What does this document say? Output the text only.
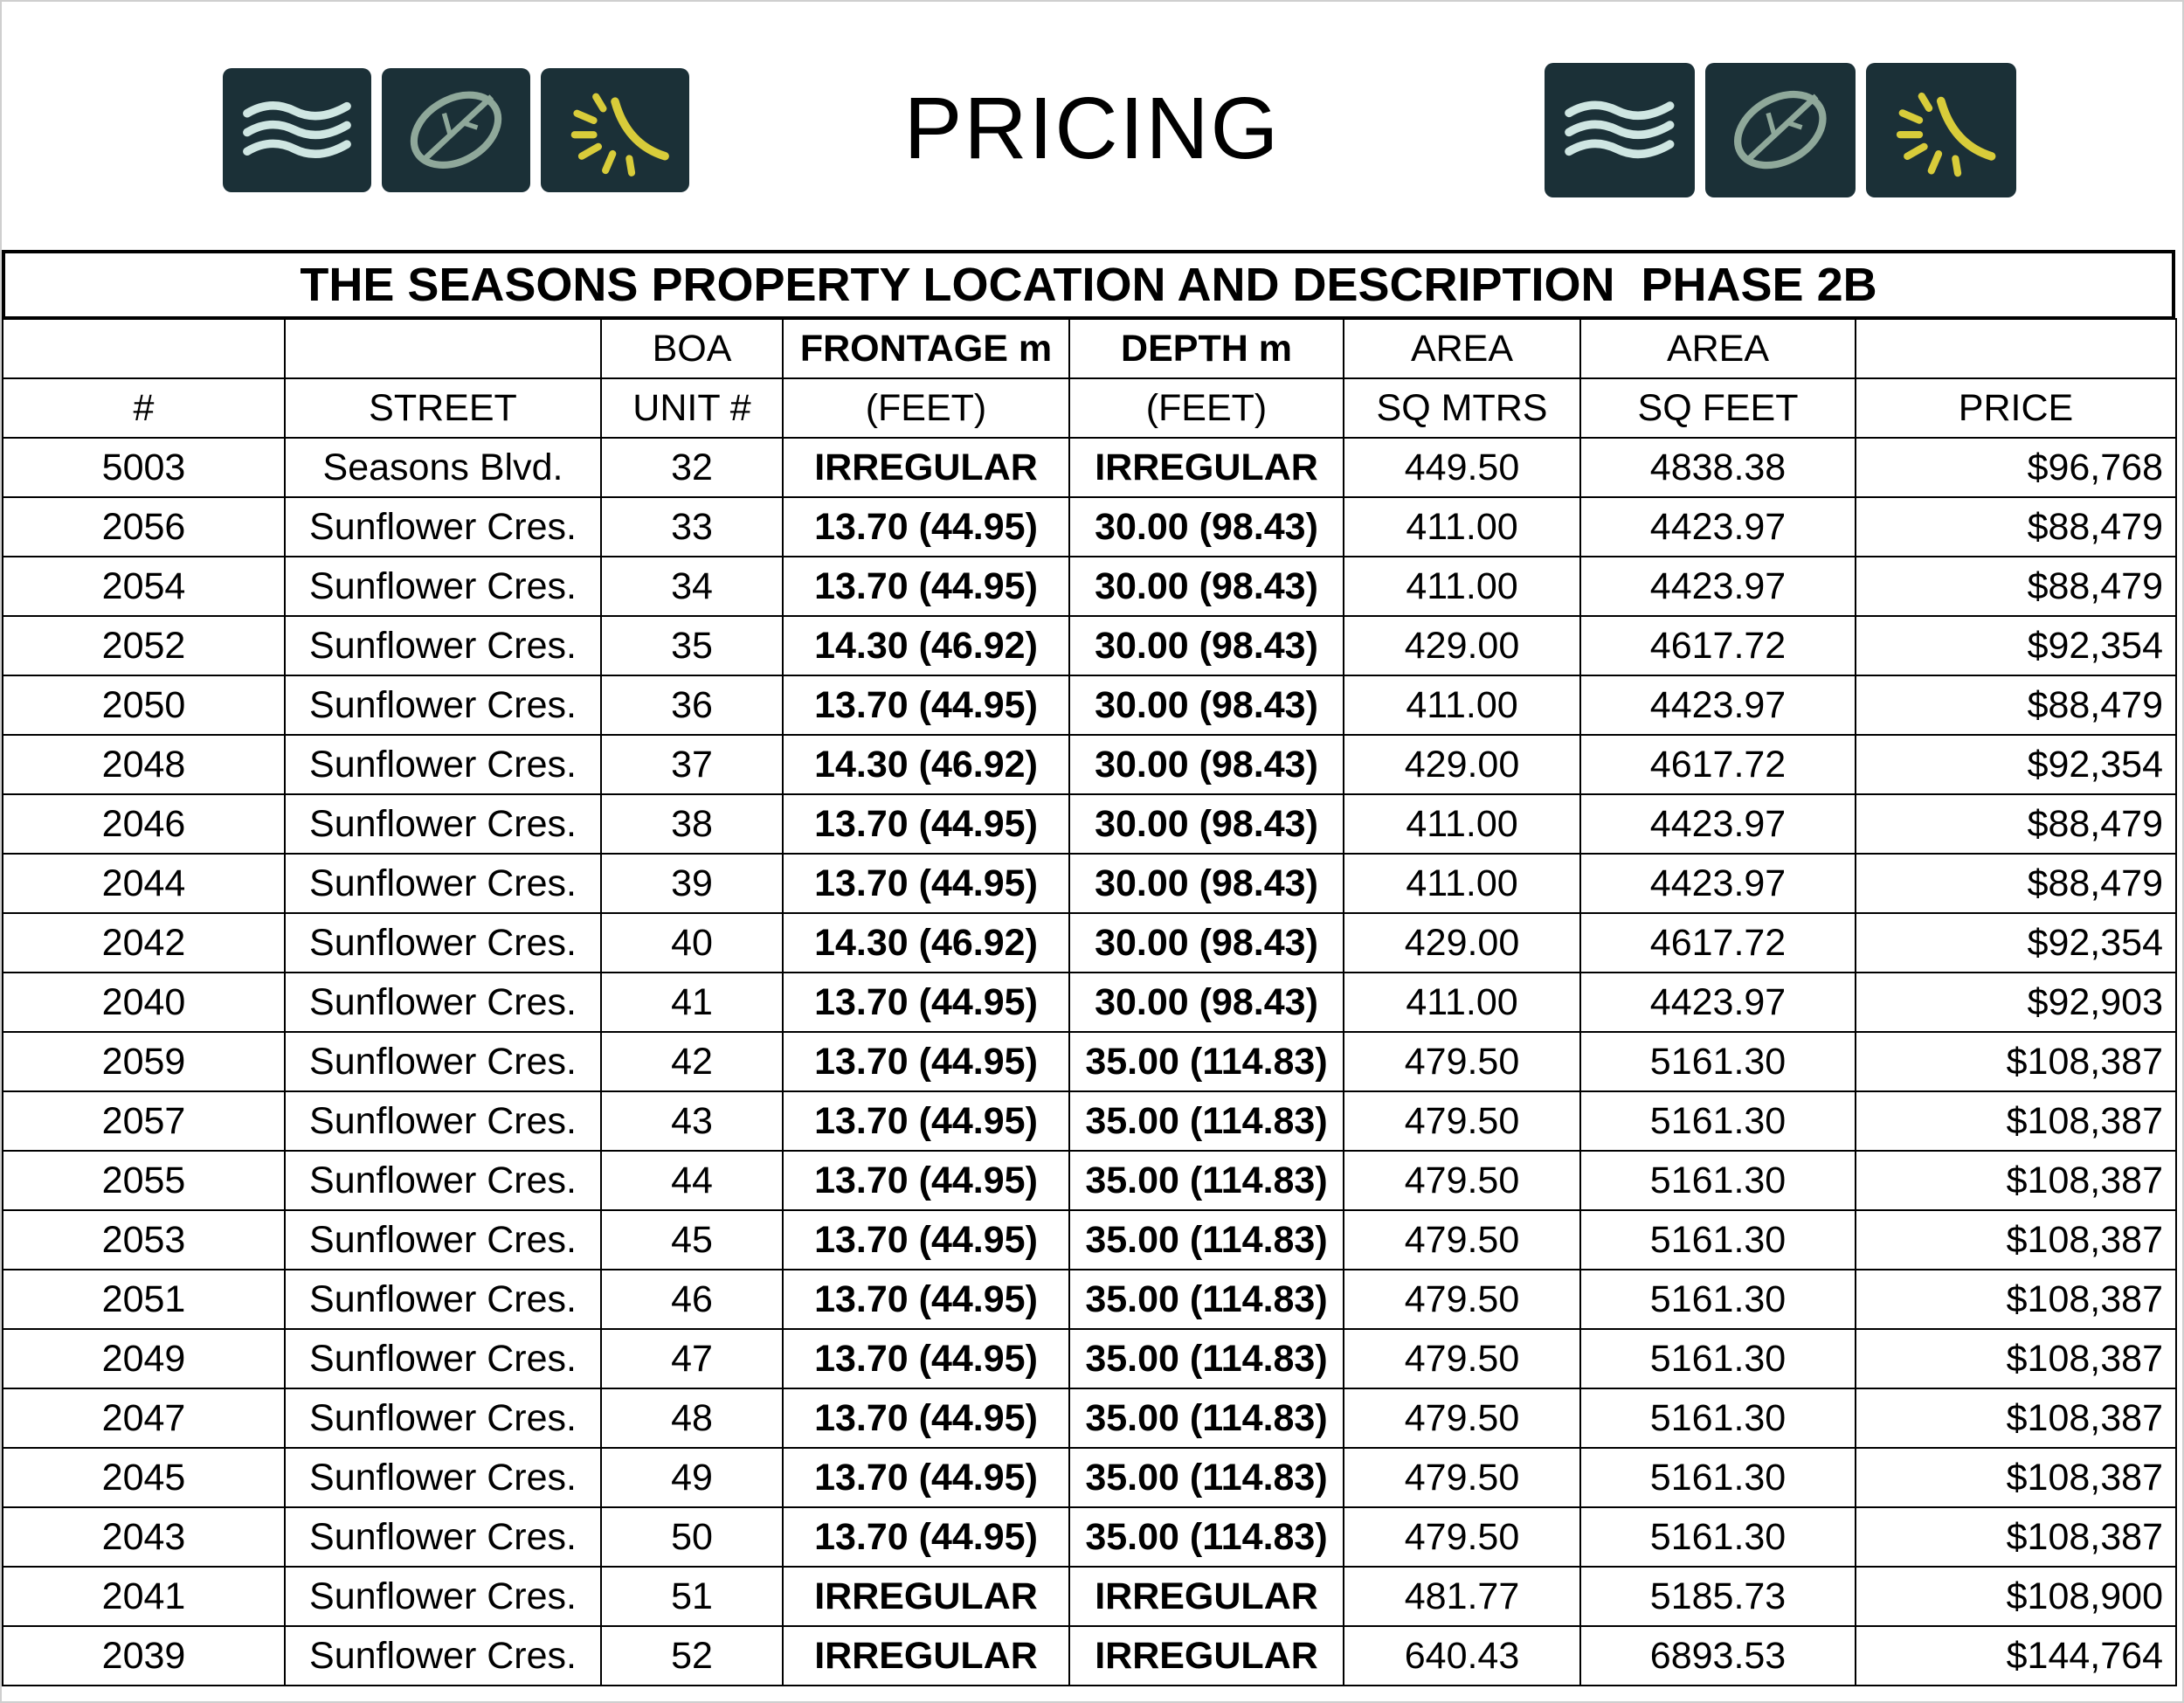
PRICING
THE SEASONS PROPERTY LOCATION AND DESCRIPTION  PHASE 2B
		BOA	FRONTAGE m	DEPTH m	AREA	AREA	
#	STREET	UNIT #	(FEET)	(FEET)	SQ MTRS	SQ FEET	PRICE
5003	Seasons Blvd.	32	IRREGULAR	IRREGULAR	449.50	4838.38	$96,768
2056	Sunflower Cres.	33	13.70 (44.95)	30.00 (98.43)	411.00	4423.97	$88,479
2054	Sunflower Cres.	34	13.70 (44.95)	30.00 (98.43)	411.00	4423.97	$88,479
2052	Sunflower Cres.	35	14.30 (46.92)	30.00 (98.43)	429.00	4617.72	$92,354
2050	Sunflower Cres.	36	13.70 (44.95)	30.00 (98.43)	411.00	4423.97	$88,479
2048	Sunflower Cres.	37	14.30 (46.92)	30.00 (98.43)	429.00	4617.72	$92,354
2046	Sunflower Cres.	38	13.70 (44.95)	30.00 (98.43)	411.00	4423.97	$88,479
2044	Sunflower Cres.	39	13.70 (44.95)	30.00 (98.43)	411.00	4423.97	$88,479
2042	Sunflower Cres.	40	14.30 (46.92)	30.00 (98.43)	429.00	4617.72	$92,354
2040	Sunflower Cres.	41	13.70 (44.95)	30.00 (98.43)	411.00	4423.97	$92,903
2059	Sunflower Cres.	42	13.70 (44.95)	35.00 (114.83)	479.50	5161.30	$108,387
2057	Sunflower Cres.	43	13.70 (44.95)	35.00 (114.83)	479.50	5161.30	$108,387
2055	Sunflower Cres.	44	13.70 (44.95)	35.00 (114.83)	479.50	5161.30	$108,387
2053	Sunflower Cres.	45	13.70 (44.95)	35.00 (114.83)	479.50	5161.30	$108,387
2051	Sunflower Cres.	46	13.70 (44.95)	35.00 (114.83)	479.50	5161.30	$108,387
2049	Sunflower Cres.	47	13.70 (44.95)	35.00 (114.83)	479.50	5161.30	$108,387
2047	Sunflower Cres.	48	13.70 (44.95)	35.00 (114.83)	479.50	5161.30	$108,387
2045	Sunflower Cres.	49	13.70 (44.95)	35.00 (114.83)	479.50	5161.30	$108,387
2043	Sunflower Cres.	50	13.70 (44.95)	35.00 (114.83)	479.50	5161.30	$108,387
2041	Sunflower Cres.	51	IRREGULAR	IRREGULAR	481.77	5185.73	$108,900
2039	Sunflower Cres.	52	IRREGULAR	IRREGULAR	640.43	6893.53	$144,764
